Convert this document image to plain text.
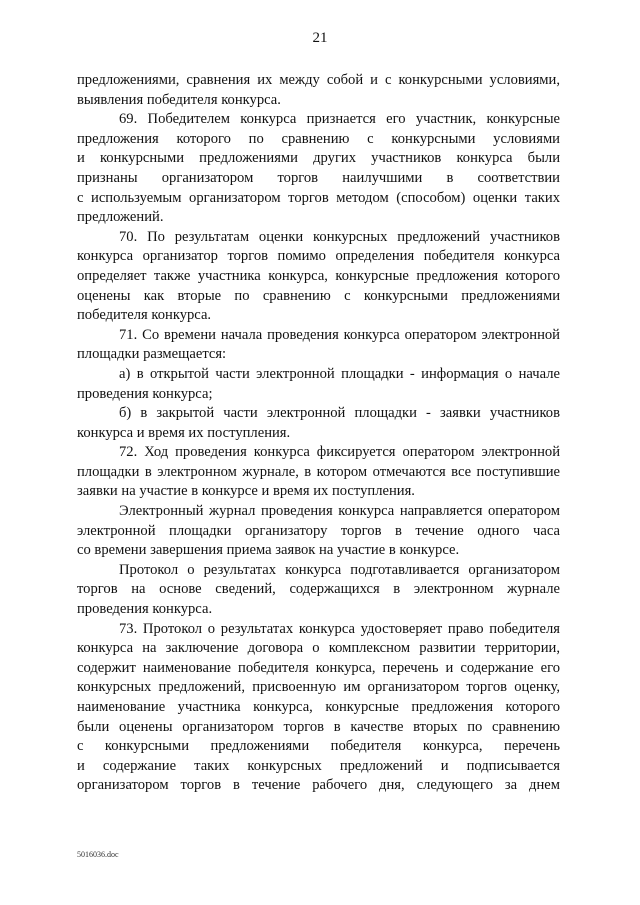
21
предложениями, сравнения их между собой и с конкурсными условиями,
выявления победителя конкурса.
69. Победителем конкурса признается его участник, конкурсные
предложения которого по сравнению с конкурсными условиями
и конкурсными предложениями других участников конкурса были
признаны организатором торгов наилучшими в соответствии
с используемым организатором торгов методом (способом) оценки таких
предложений.
70. По результатам оценки конкурсных предложений участников
конкурса организатор торгов помимо определения победителя конкурса
определяет также участника конкурса, конкурсные предложения которого
оценены как вторые по сравнению с конкурсными предложениями
победителя конкурса.
71. Со времени начала проведения конкурса оператором электронной
площадки размещается:
а) в открытой части электронной площадки - информация о начале
проведения конкурса;
б) в закрытой части электронной площадки - заявки участников
конкурса и время их поступления.
72. Ход проведения конкурса фиксируется оператором электронной
площадки в электронном журнале, в котором отмечаются все поступившие
заявки на участие в конкурсе и время их поступления.
Электронный журнал проведения конкурса направляется оператором
электронной площадки организатору торгов в течение одного часа
со времени завершения приема заявок на участие в конкурсе.
Протокол о результатах конкурса подготавливается организатором
торгов на основе сведений, содержащихся в электронном журнале
проведения конкурса.
73. Протокол о результатах конкурса удостоверяет право победителя
конкурса на заключение договора о комплексном развитии территории,
содержит наименование победителя конкурса, перечень и содержание его
конкурсных предложений, присвоенную им организатором торгов оценку,
наименование участника конкурса, конкурсные предложения которого
были оценены организатором торгов в качестве вторых по сравнению
с конкурсными предложениями победителя конкурса, перечень
и содержание таких конкурсных предложений и подписывается
организатором торгов в течение рабочего дня, следующего за днем
5016036.doc
